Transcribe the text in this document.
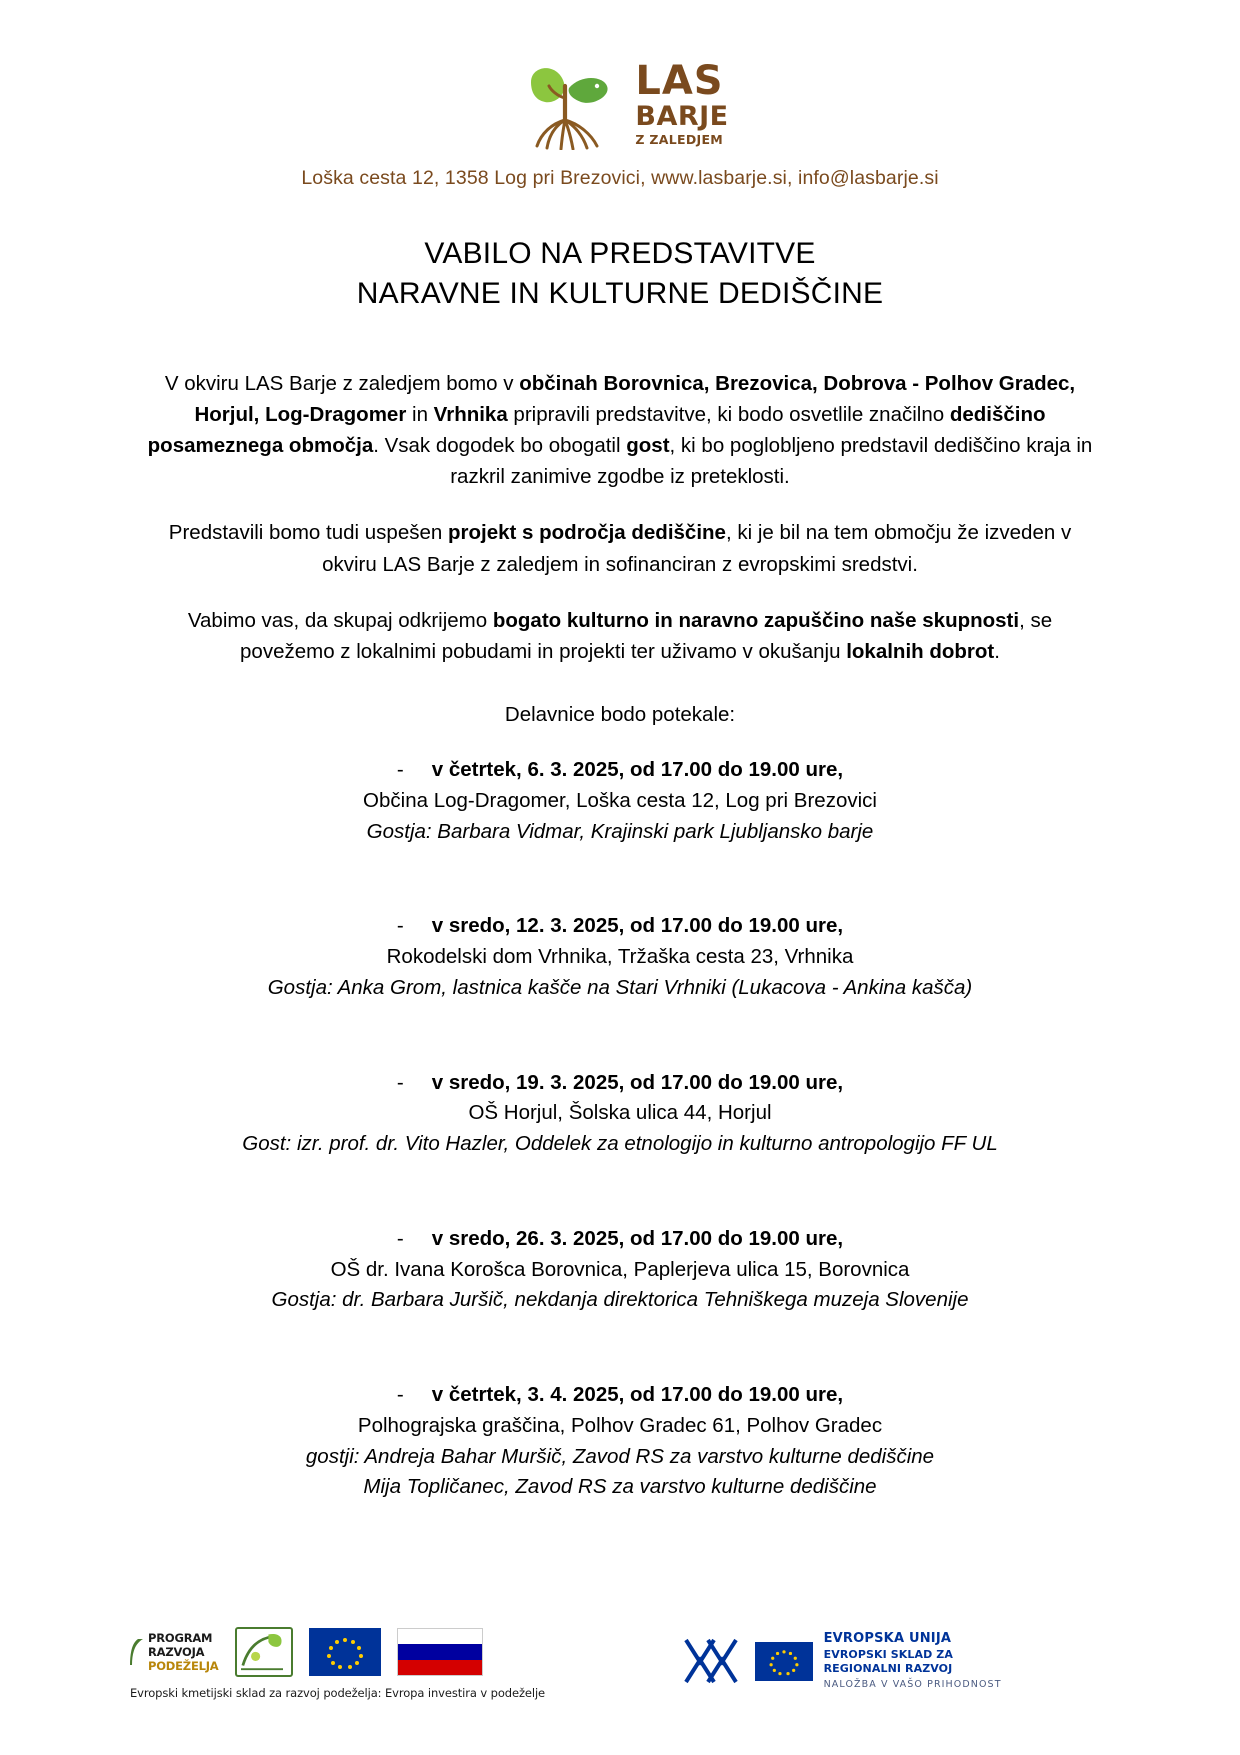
LAS
BARJE
Z ZALEDJEM
Loška cesta 12, 1358 Log pri Brezovici, www.lasbarje.si, info@lasbarje.si
VABILO NA PREDSTAVITVE
NARAVNE IN KULTURNE DEDIŠČINE
V okviru LAS Barje z zaledjem bomo v občinah Borovnica, Brezovica, Dobrova - Polhov Gradec, Horjul, Log-Dragomer in Vrhnika pripravili predstavitve, ki bodo osvetlile značilno dediščino posameznega območja. Vsak dogodek bo obogatil gost, ki bo poglobljeno predstavil dediščino kraja in razkril zanimive zgodbe iz preteklosti.
Predstavili bomo tudi uspešen projekt s področja dediščine, ki je bil na tem območju že izveden v okviru LAS Barje z zaledjem in sofinanciran z evropskimi sredstvi.
Vabimo vas, da skupaj odkrijemo bogato kulturno in naravno zapuščino naše skupnosti, se povežemo z lokalnimi pobudami in projekti ter uživamo v okušanju lokalnih dobrot.
Delavnice bodo potekale:
- v četrtek, 6. 3. 2025, od 17.00 do 19.00 ure,
Občina Log-Dragomer, Loška cesta 12, Log pri Brezovici
Gostja: Barbara Vidmar, Krajinski park Ljubljansko barje
- v sredo, 12. 3. 2025, od 17.00 do 19.00 ure,
Rokodelski dom Vrhnika, Tržaška cesta 23, Vrhnika
Gostja: Anka Grom, lastnica kašče na Stari Vrhniki (Lukacova - Ankina kašča)
- v sredo, 19. 3. 2025, od 17.00 do 19.00 ure,
OŠ Horjul, Šolska ulica 44, Horjul
Gost: izr. prof. dr. Vito Hazler, Oddelek za etnologijo in kulturno antropologijo FF UL
- v sredo, 26. 3. 2025, od 17.00 do 19.00 ure,
OŠ dr. Ivana Korošca Borovnica, Paplerjeva ulica 15, Borovnica
Gostja: dr. Barbara Juršič, nekdanja direktorica Tehniškega muzeja Slovenije
- v četrtek, 3. 4. 2025, od 17.00 do 19.00 ure,
Polhograjska graščina, Polhov Gradec 61, Polhov Gradec
gostji: Andreja Bahar Muršič, Zavod RS za varstvo kulturne dediščine
Mija Topličanec, Zavod RS za varstvo kulturne dediščine
PROGRAM
RAZVOJA
PODEŽELJA
Evropski kmetijski sklad za razvoj podeželja: Evropa investira v podeželje
EVROPSKA UNIJA
EVROPSKI SKLAD ZA
REGIONALNI RAZVOJ
NALOŽBA V VAŠO PRIHODNOST
